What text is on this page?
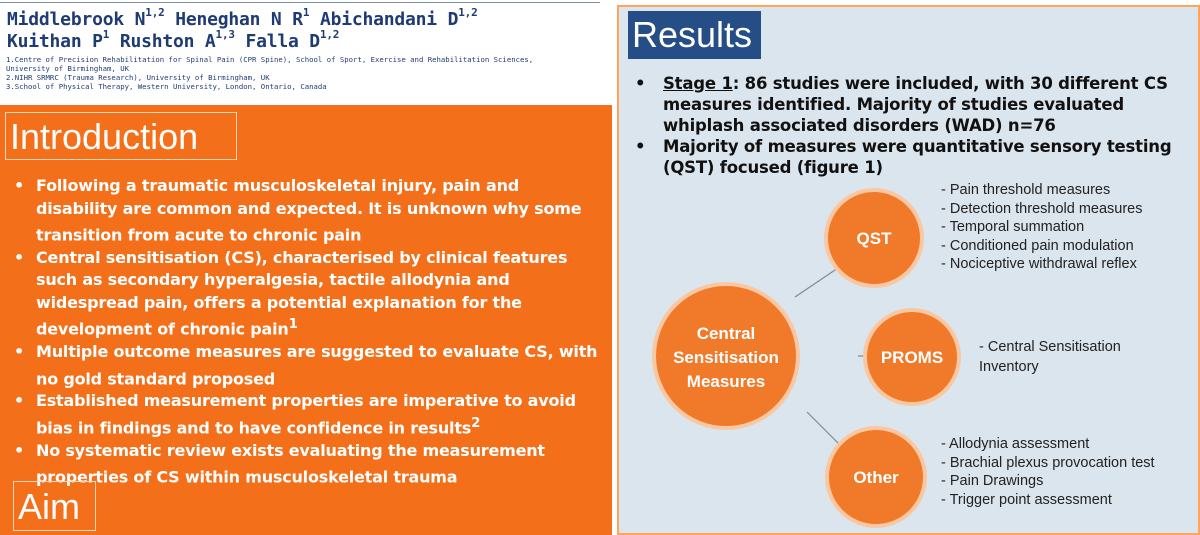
Middlebrook N$^{1,2}$ Heneghan N $R^1$ Abichandani D$^{1,2}$
Kuithan $P^1$ Rushton A$^{1,3}$ Falla D$^{1,2}$
1.Centre of Precision Rehabilitation for Spinal Pain (CPR Spine), School of Sport, Exercise and Rehabilitation Sciences,
University of Birmingham, UK
2.NIHR SRMRC (Trauma Research), University of Birmingham, UK
3.School of Physical Therapy, Western University, London, Ontario, Canada
Introduction
• Following a traumatic musculoskeletal injury, pain and disability are common and expected. It is unknown why some transition from acute to chronic pain
• Central sensitisation (CS), characterised by clinical features such as secondary hyperalgesia, tactile allodynia and widespread pain, offers a potential explanation for the development of chronic pain$^1$
• Multiple outcome measures are suggested to evaluate CS, with no gold standard proposed
• Established measurement properties are imperative to avoid bias in findings and to have confidence in results$^2$
• No systematic review exists evaluating the measurement properties of CS within musculoskeletal trauma
Aim
Results
• Stage 1: 86 studies were included, with 30 different CS measures identified. Majority of studies evaluated whiplash associated disorders (WAD) n=76
• Majority of measures were quantitative sensory testing (QST) focused (figure 1)
Central
Sensitisation
Measures
QST
PROMS
Other
- Pain threshold measures
- Detection threshold measures
- Temporal summation
- Conditioned pain modulation
- Nociceptive withdrawal reflex
- Central Sensitisation
Inventory
- Allodynia assessment
- Brachial plexus provocation test
- Pain Drawings
- Trigger point assessment
